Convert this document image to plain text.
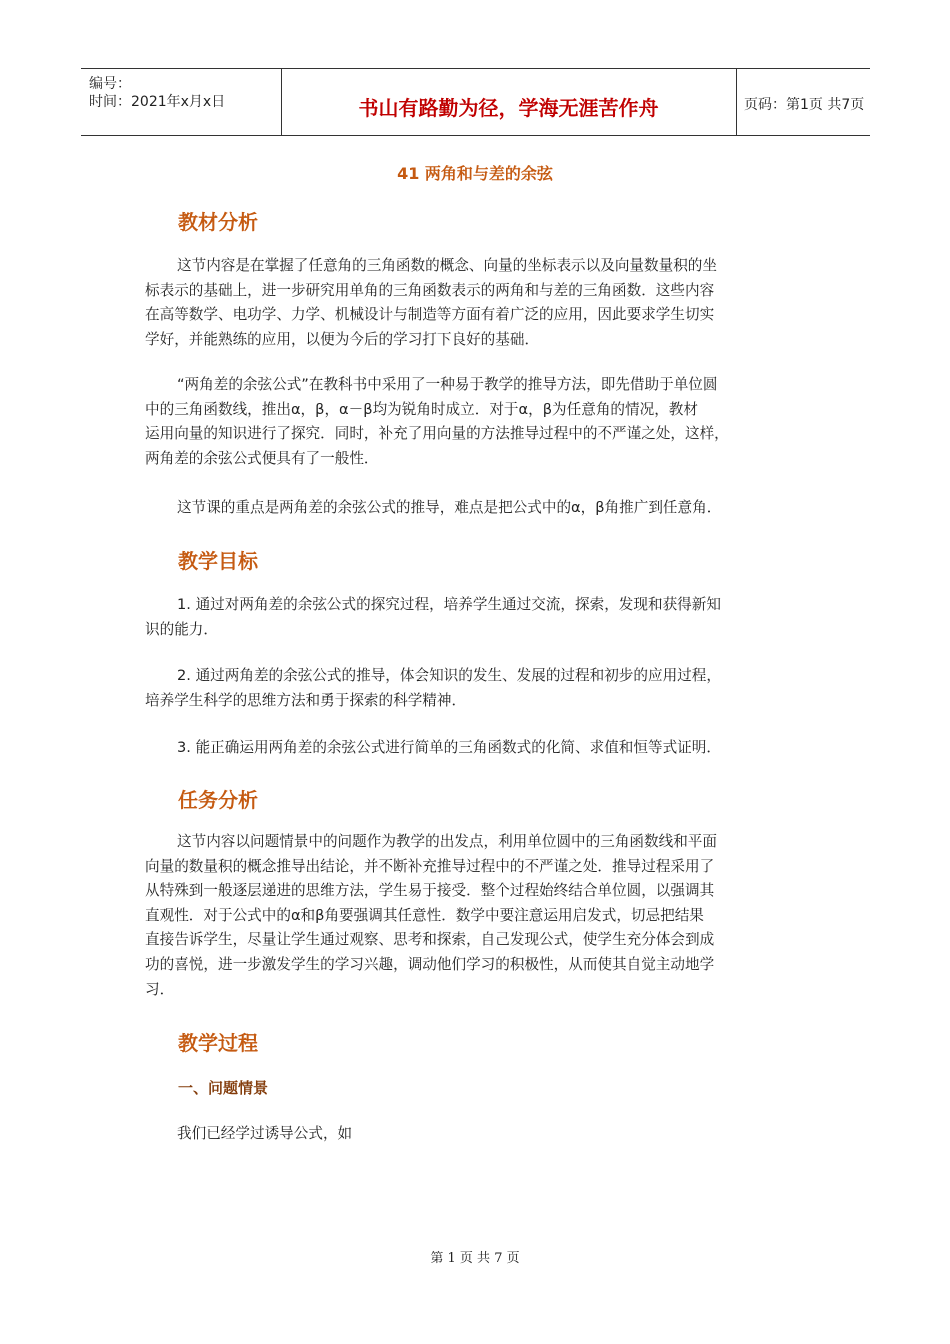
编号：
时间：2021年x月x日	书山有路勤为径，学海无涯苦作舟	页码：第1页 共7页
41 两角和与差的余弦
教材分析
这节内容是在掌握了任意角的三角函数的概念、向量的坐标表示以及向量数量积的坐
标表示的基础上，进一步研究用单角的三角函数表示的两角和与差的三角函数．这些内容
在高等数学、电功学、力学、机械设计与制造等方面有着广泛的应用，因此要求学生切实
学好，并能熟练的应用，以便为今后的学习打下良好的基础．
“两角差的余弦公式”在教科书中采用了一种易于教学的推导方法，即先借助于单位圆
中的三角函数线，推出α，β，α－β均为锐角时成立．对于α，β为任意角的情况，教材
运用向量的知识进行了探究．同时，补充了用向量的方法推导过程中的不严谨之处，这样，
两角差的余弦公式便具有了一般性．
这节课的重点是两角差的余弦公式的推导，难点是把公式中的α，β角推广到任意角．
教学目标
1. 通过对两角差的余弦公式的探究过程，培养学生通过交流，探索，发现和获得新知
识的能力．
2. 通过两角差的余弦公式的推导，体会知识的发生、发展的过程和初步的应用过程，
培养学生科学的思维方法和勇于探索的科学精神．
3. 能正确运用两角差的余弦公式进行简单的三角函数式的化简、求值和恒等式证明．
任务分析
这节内容以问题情景中的问题作为教学的出发点，利用单位圆中的三角函数线和平面
向量的数量积的概念推导出结论，并不断补充推导过程中的不严谨之处．推导过程采用了
从特殊到一般逐层递进的思维方法，学生易于接受．整个过程始终结合单位圆，以强调其
直观性．对于公式中的α和β角要强调其任意性．数学中要注意运用启发式，切忌把结果
直接告诉学生，尽量让学生通过观察、思考和探索，自己发现公式，使学生充分体会到成
功的喜悦，进一步激发学生的学习兴趣，调动他们学习的积极性，从而使其自觉主动地学
习．
教学过程
一、问题情景
我们已经学过诱导公式，如
第 1 页 共 7 页
